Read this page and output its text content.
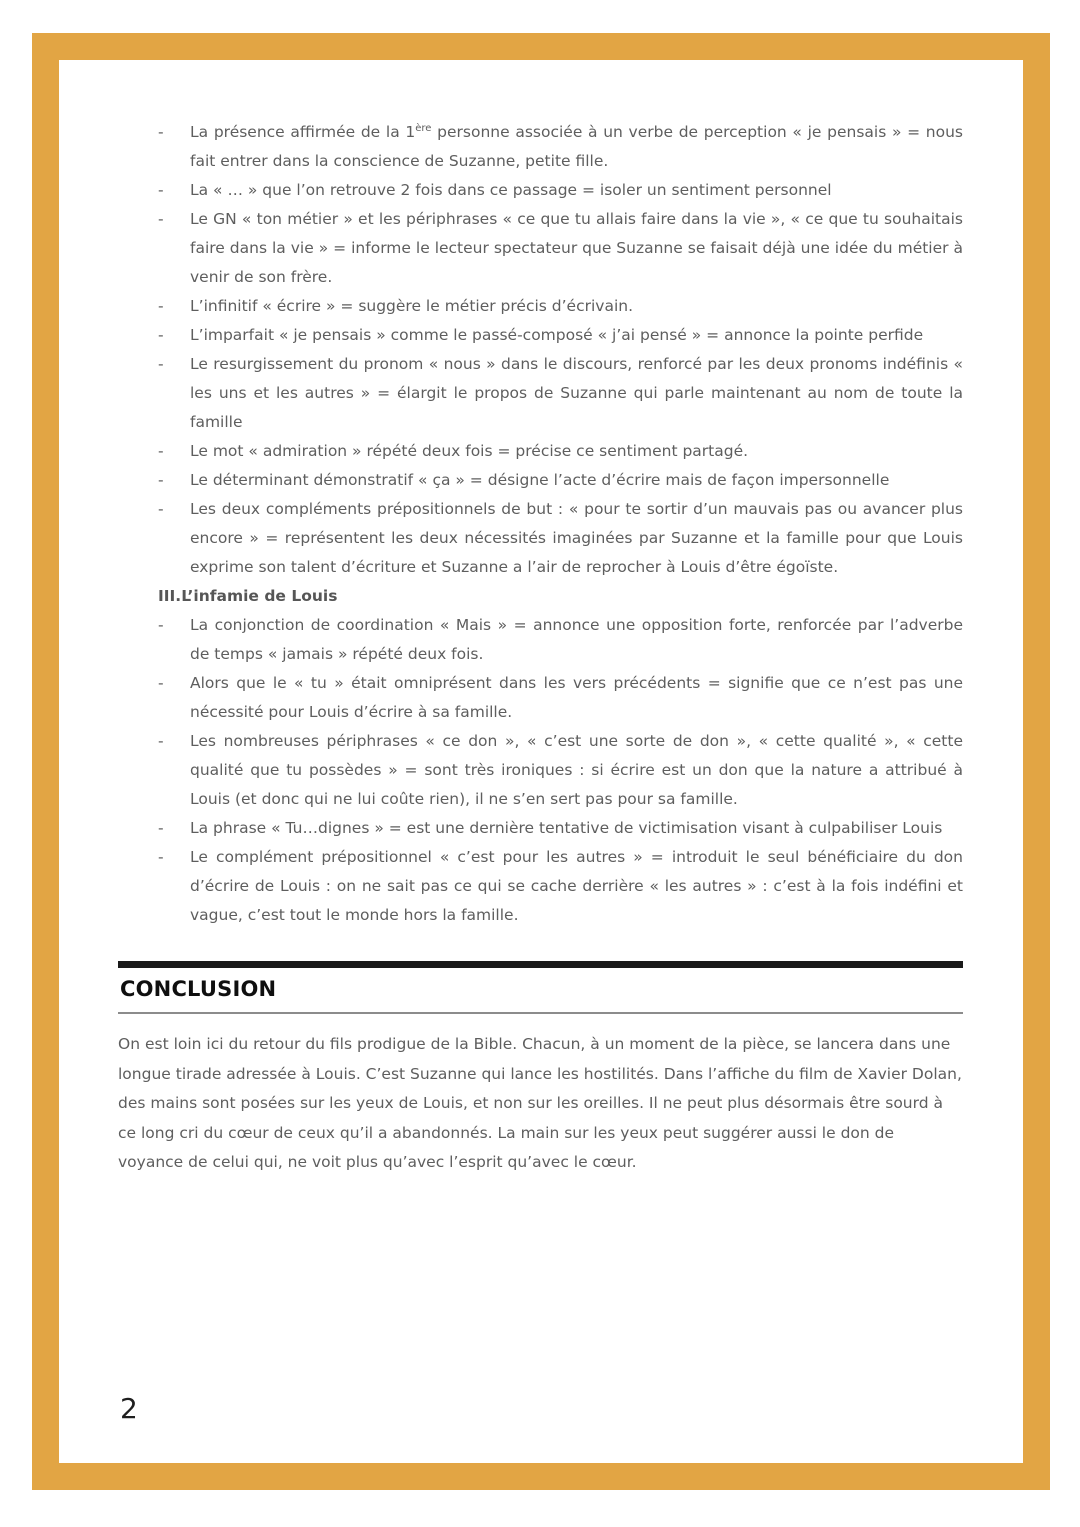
- La présence affirmée de la 1ère personne associée à un verbe de perception « je pensais » = nous fait entrer dans la conscience de Suzanne, petite fille.
- La « … » que l’on retrouve 2 fois dans ce passage = isoler un sentiment personnel
- Le GN « ton métier » et les périphrases « ce que tu allais faire dans la vie », « ce que tu souhaitais faire dans la vie » = informe le lecteur spectateur que Suzanne se faisait déjà une idée du métier à venir de son frère.
- L’infinitif « écrire » = suggère le métier précis d’écrivain.
- L’imparfait « je pensais » comme le passé-composé « j’ai pensé » = annonce la pointe perfide
- Le resurgissement du pronom « nous » dans le discours, renforcé par les deux pronoms indéfinis « les uns et les autres » = élargit le propos de Suzanne qui parle maintenant au nom de toute la famille
- Le mot « admiration » répété deux fois = précise ce sentiment partagé.
- Le déterminant démonstratif « ça » = désigne l’acte d’écrire mais de façon impersonnelle
- Les deux compléments prépositionnels de but : « pour te sortir d’un mauvais pas ou avancer plus encore » = représentent les deux nécessités imaginées par Suzanne et la famille pour que Louis exprime son talent d’écriture et Suzanne a l’air de reprocher à Louis d’être égoïste.
III.L’infamie de Louis
- La conjonction de coordination « Mais » = annonce une opposition forte, renforcée par l’adverbe de temps « jamais » répété deux fois.
- Alors que le « tu » était omniprésent dans les vers précédents = signifie que ce n’est pas une nécessité pour Louis d’écrire à sa famille.
- Les nombreuses périphrases « ce don », « c’est une sorte de don », « cette qualité », « cette qualité que tu possèdes » = sont très ironiques : si écrire est un don que la nature a attribué à Louis (et donc qui ne lui coûte rien), il ne s’en sert pas pour sa famille.
- La phrase « Tu…dignes » = est une dernière tentative de victimisation visant à culpabiliser Louis
- Le complément prépositionnel « c’est pour les autres » = introduit le seul bénéficiaire du don d’écrire de Louis : on ne sait pas ce qui se cache derrière « les autres » : c’est à la fois indéfini et vague, c’est tout le monde hors la famille.
CONCLUSION

On est loin ici du retour du fils prodigue de la Bible. Chacun, à un moment de la pièce, se lancera dans une longue tirade adressée à Louis. C’est Suzanne qui lance les hostilités. Dans l’affiche du film de Xavier Dolan, des mains sont posées sur les yeux de Louis, et non sur les oreilles. Il ne peut plus désormais être sourd à ce long cri du cœur de ceux qu’il a abandonnés. La main sur les yeux peut suggérer aussi le don de voyance de celui qui, ne voit plus qu’avec l’esprit qu’avec le cœur.

2
